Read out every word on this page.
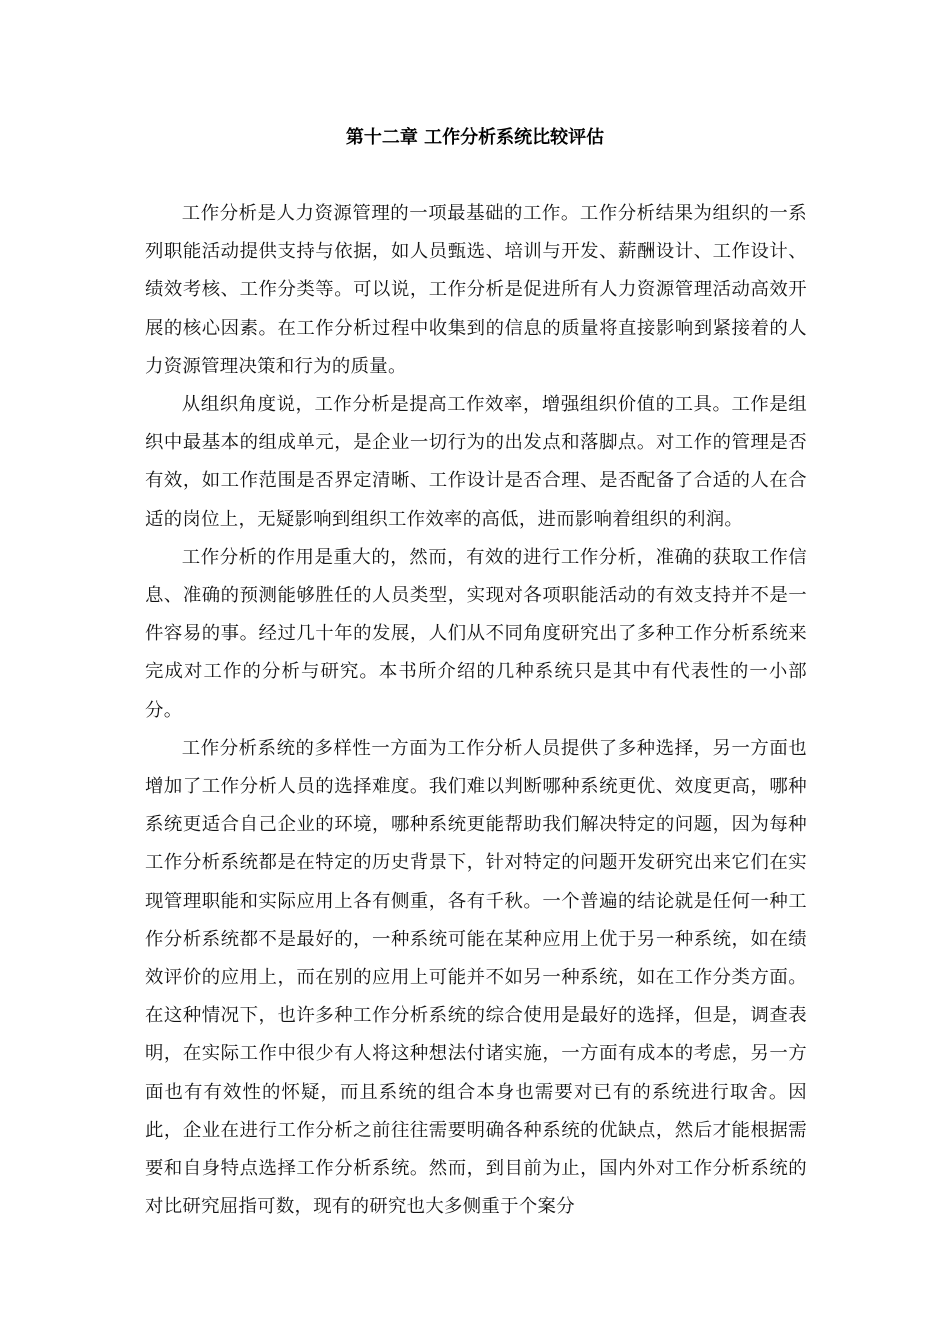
第十二章 工作分析系统比较评估

工作分析是人力资源管理的一项最基础的工作。工作分析结果为组织的一系列职能活动提供支持与依据，如人员甄选、培训与开发、薪酬设计、工作设计、绩效考核、工作分类等。可以说，工作分析是促进所有人力资源管理活动高效开展的核心因素。在工作分析过程中收集到的信息的质量将直接影响到紧接着的人力资源管理决策和行为的质量。

从组织角度说，工作分析是提高工作效率，增强组织价值的工具。工作是组织中最基本的组成单元，是企业一切行为的出发点和落脚点。对工作的管理是否有效，如工作范围是否界定清晰、工作设计是否合理、是否配备了合适的人在合适的岗位上，无疑影响到组织工作效率的高低，进而影响着组织的利润。

工作分析的作用是重大的，然而，有效的进行工作分析，准确的获取工作信息、准确的预测能够胜任的人员类型，实现对各项职能活动的有效支持并不是一件容易的事。经过几十年的发展，人们从不同角度研究出了多种工作分析系统来完成对工作的分析与研究。本书所介绍的几种系统只是其中有代表性的一小部分。

工作分析系统的多样性一方面为工作分析人员提供了多种选择，另一方面也增加了工作分析人员的选择难度。我们难以判断哪种系统更优、效度更高，哪种系统更适合自己企业的环境，哪种系统更能帮助我们解决特定的问题，因为每种工作分析系统都是在特定的历史背景下，针对特定的问题开发研究出来它们在实现管理职能和实际应用上各有侧重，各有千秋。一个普遍的结论就是任何一种工作分析系统都不是最好的，一种系统可能在某种应用上优于另一种系统，如在绩效评价的应用上，而在别的应用上可能并不如另一种系统，如在工作分类方面。在这种情况下，也许多种工作分析系统的综合使用是最好的选择，但是，调查表明，在实际工作中很少有人将这种想法付诸实施，一方面有成本的考虑，另一方面也有有效性的怀疑，而且系统的组合本身也需要对已有的系统进行取舍。因此，企业在进行工作分析之前往往需要明确各种系统的优缺点，然后才能根据需要和自身特点选择工作分析系统。然而，到目前为止，国内外对工作分析系统的对比研究屈指可数，现有的研究也大多侧重于个案分
